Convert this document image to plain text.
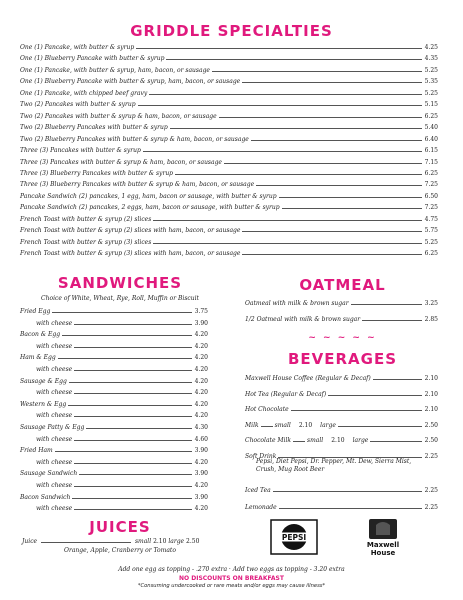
GRIDDLE SPECIALTIES
One (1) Pancake, with butter & syrup	4.25
One (1) Blueberry Pancake with butter & syrup	4.35
One (1) Pancake, with butter & syrup, ham, bacon, or sausage	5.25
One (1) Blueberry Pancake with butter & syrup, ham, bacon, or sausage	5.35
One (1) Pancake, with chipped beef gravy	5.25
Two (2) Pancakes with butter & syrup	5.15
Two (2) Pancakes with butter & syrup & ham, bacon, or sausage	6.25
Two (2) Blueberry Pancakes with butter & syrup	5.40
Two (2) Blueberry Pancakes with butter & syrup & ham, bacon, or sausage	6.40
Three (3) Pancakes with butter & syrup	6.15
Three (3) Pancakes with butter & syrup & ham, bacon, or sausage	7.15
Three (3) Blueberry Pancakes with butter & syrup	6.25
Three (3) Blueberry Pancakes with butter & syrup & ham, bacon, or sausage	7.25
Pancake Sandwich (2) pancakes, 1 egg, ham, bacon or sausage, with butter & syrup	6.50
Pancake Sandwich (2) pancakes, 2 eggs, ham, bacon or sausage, with butter & syrup	7.25
French Toast with butter & syrup (2) slices	4.75
French Toast with butter & syrup (2) slices with ham, bacon, or sausage	5.75
French Toast with butter & syrup (3) slices	5.25
French Toast with butter & syrup (3) slices with ham, bacon, or sausage	6.25
SANDWICHES
Choice of White, Wheat, Rye, Roll, Muffin or Biscuit
Fried Egg	3.75
with cheese	3.90
Bacon & Egg	4.20
with cheese	4.20
Ham & Egg	4.20
with cheese	4.20
Sausage & Egg	4.20
with cheese	4.20
Western & Egg	4.20
with cheese	4.20
Sausage Patty & Egg	4.30
with cheese	4.60
Fried Ham	3.90
with cheese	4.20
Sausage Sandwich	3.90
with cheese	4.20
Bacon Sandwich	3.90
with cheese	4.20
OATMEAL
Oatmeal with milk & brown sugar	3.25
1/2 Oatmeal with milk & brown sugar	2.85
~ ~ ~ ~ ~
BEVERAGES
Maxwell House Coffee (Regular & Decaf)	2.10
Hot Tea (Regular & Decaf)	2.10
Hot Chocolate	2.10
Milk	small	2.10	large	2.50
Chocolate Milk	small	2.10	large	2.50
Soft Drink	2.25
Pepsi, Diet Pepsi, Dr. Pepper, Mt. Dew, Sierra Mist, Crush, Mug Root Beer
Iced Tea	2.25
Lemonade	2.25
JUICES
Juice	small 2.10 large 2.50
Orange, Apple, Cranberry or Tomato
PEPSI
Maxwell
House
Add one egg as topping - .270 extra · Add two eggs as topping - 3.20 extra
NO DISCOUNTS ON BREAKFAST
*Consuming undercooked or rare meats and/or eggs may cause illness*
